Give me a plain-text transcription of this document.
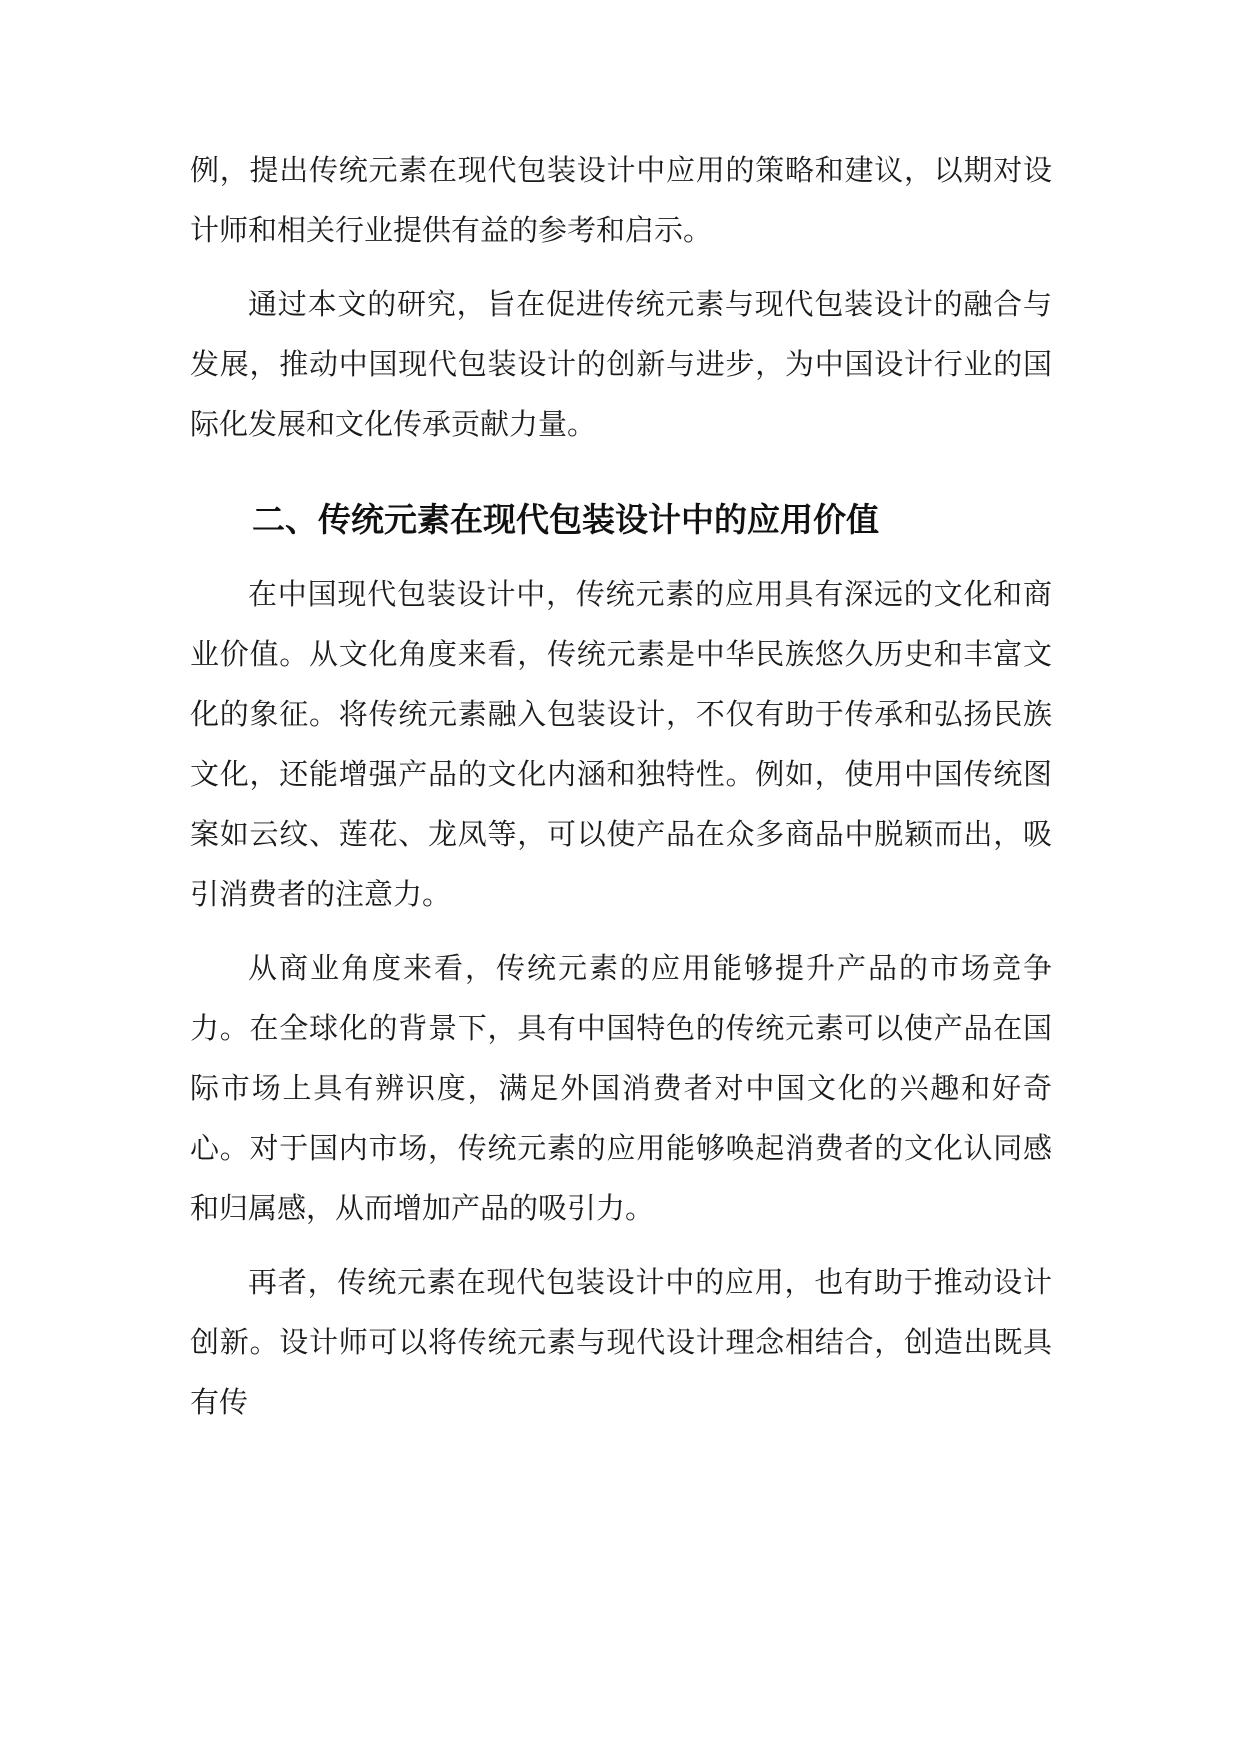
例，提出传统元素在现代包装设计中应用的策略和建议，以期对设计师和相关行业提供有益的参考和启示。

通过本文的研究，旨在促进传统元素与现代包装设计的融合与发展，推动中国现代包装设计的创新与进步，为中国设计行业的国际化发展和文化传承贡献力量。

二、传统元素在现代包装设计中的应用价值

在中国现代包装设计中，传统元素的应用具有深远的文化和商业价值。从文化角度来看，传统元素是中华民族悠久历史和丰富文化的象征。将传统元素融入包装设计，不仅有助于传承和弘扬民族文化，还能增强产品的文化内涵和独特性。例如，使用中国传统图案如云纹、莲花、龙凤等，可以使产品在众多商品中脱颖而出，吸引消费者的注意力。

从商业角度来看，传统元素的应用能够提升产品的市场竞争力。在全球化的背景下，具有中国特色的传统元素可以使产品在国际市场上具有辨识度，满足外国消费者对中国文化的兴趣和好奇心。对于国内市场，传统元素的应用能够唤起消费者的文化认同感和归属感，从而增加产品的吸引力。

再者，传统元素在现代包装设计中的应用，也有助于推动设计创新。设计师可以将传统元素与现代设计理念相结合，创造出既具有传
